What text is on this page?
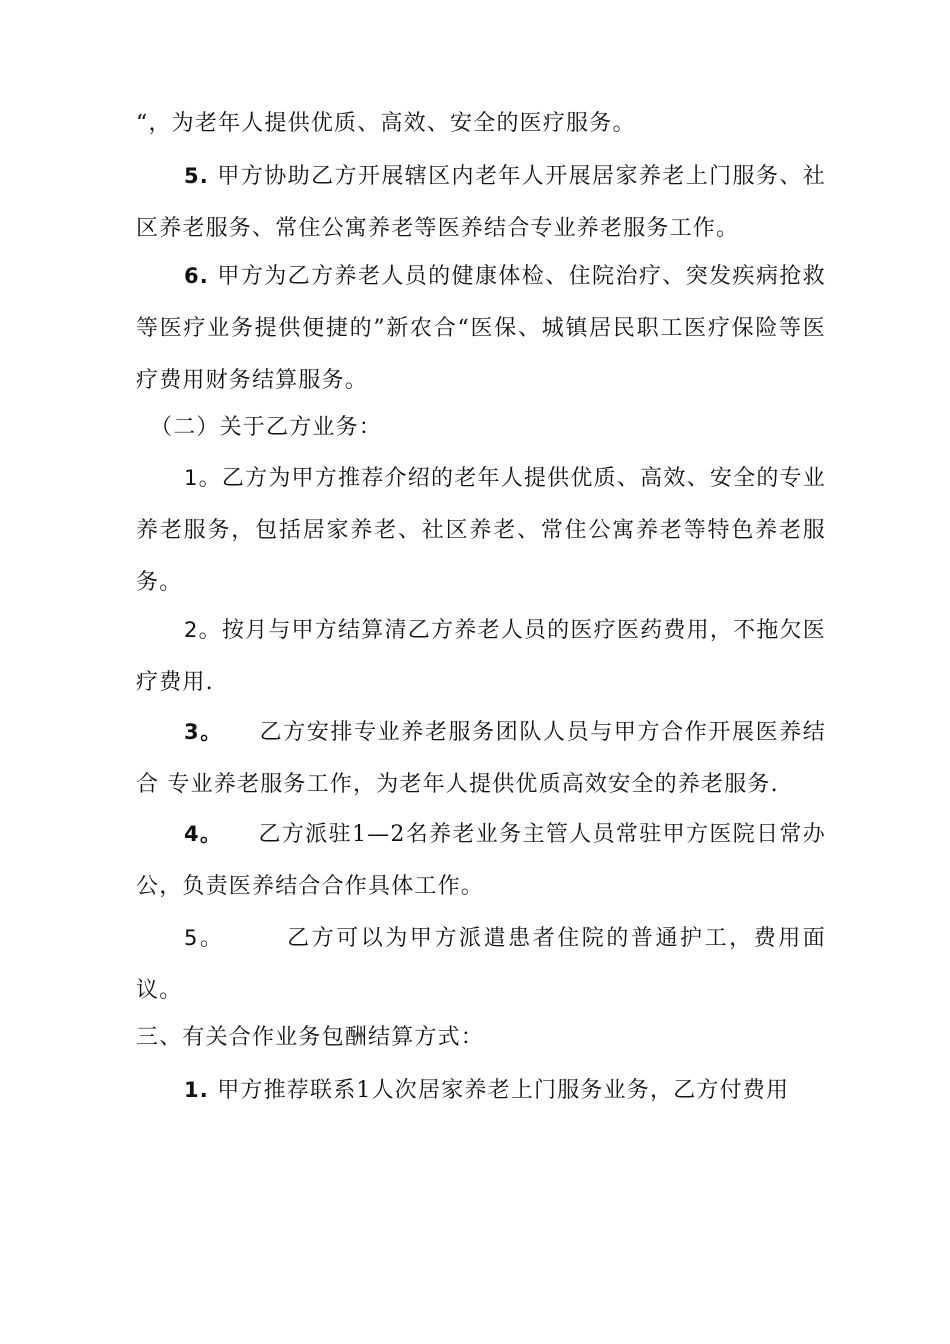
“，为老年人提供优质、高效、安全的医疗服务。

5. 甲方协助乙方开展辖区内老年人开展居家养老上门服务、社区养老服务、常住公寓养老等医养结合专业养老服务工作。

6. 甲方为乙方养老人员的健康体检、住院治疗、突发疾病抢救等医疗业务提供便捷的”新农合“医保、城镇居民职工医疗保险等医疗费用财务结算服务。

（二）关于乙方业务：

1。乙方为甲方推荐介绍的老年人提供优质、高效、安全的专业养老服务，包括居家养老、社区养老、常住公寓养老等特色养老服务。

2。按月与甲方结算清乙方养老人员的医疗医药费用，不拖欠医疗费用.

3。　　乙方安排专业养老服务团队人员与甲方合作开展医养结合 专业养老服务工作，为老年人提供优质高效安全的养老服务.

4。　　乙方派驻1—2名养老业务主管人员常驻甲方医院日常办公，负责医养结合合作具体工作。

5。　　　乙方可以为甲方派遣患者住院的普通护工，费用面议。

三、有关合作业务包酬结算方式：

1. 甲方推荐联系1人次居家养老上门服务业务，乙方付费用
